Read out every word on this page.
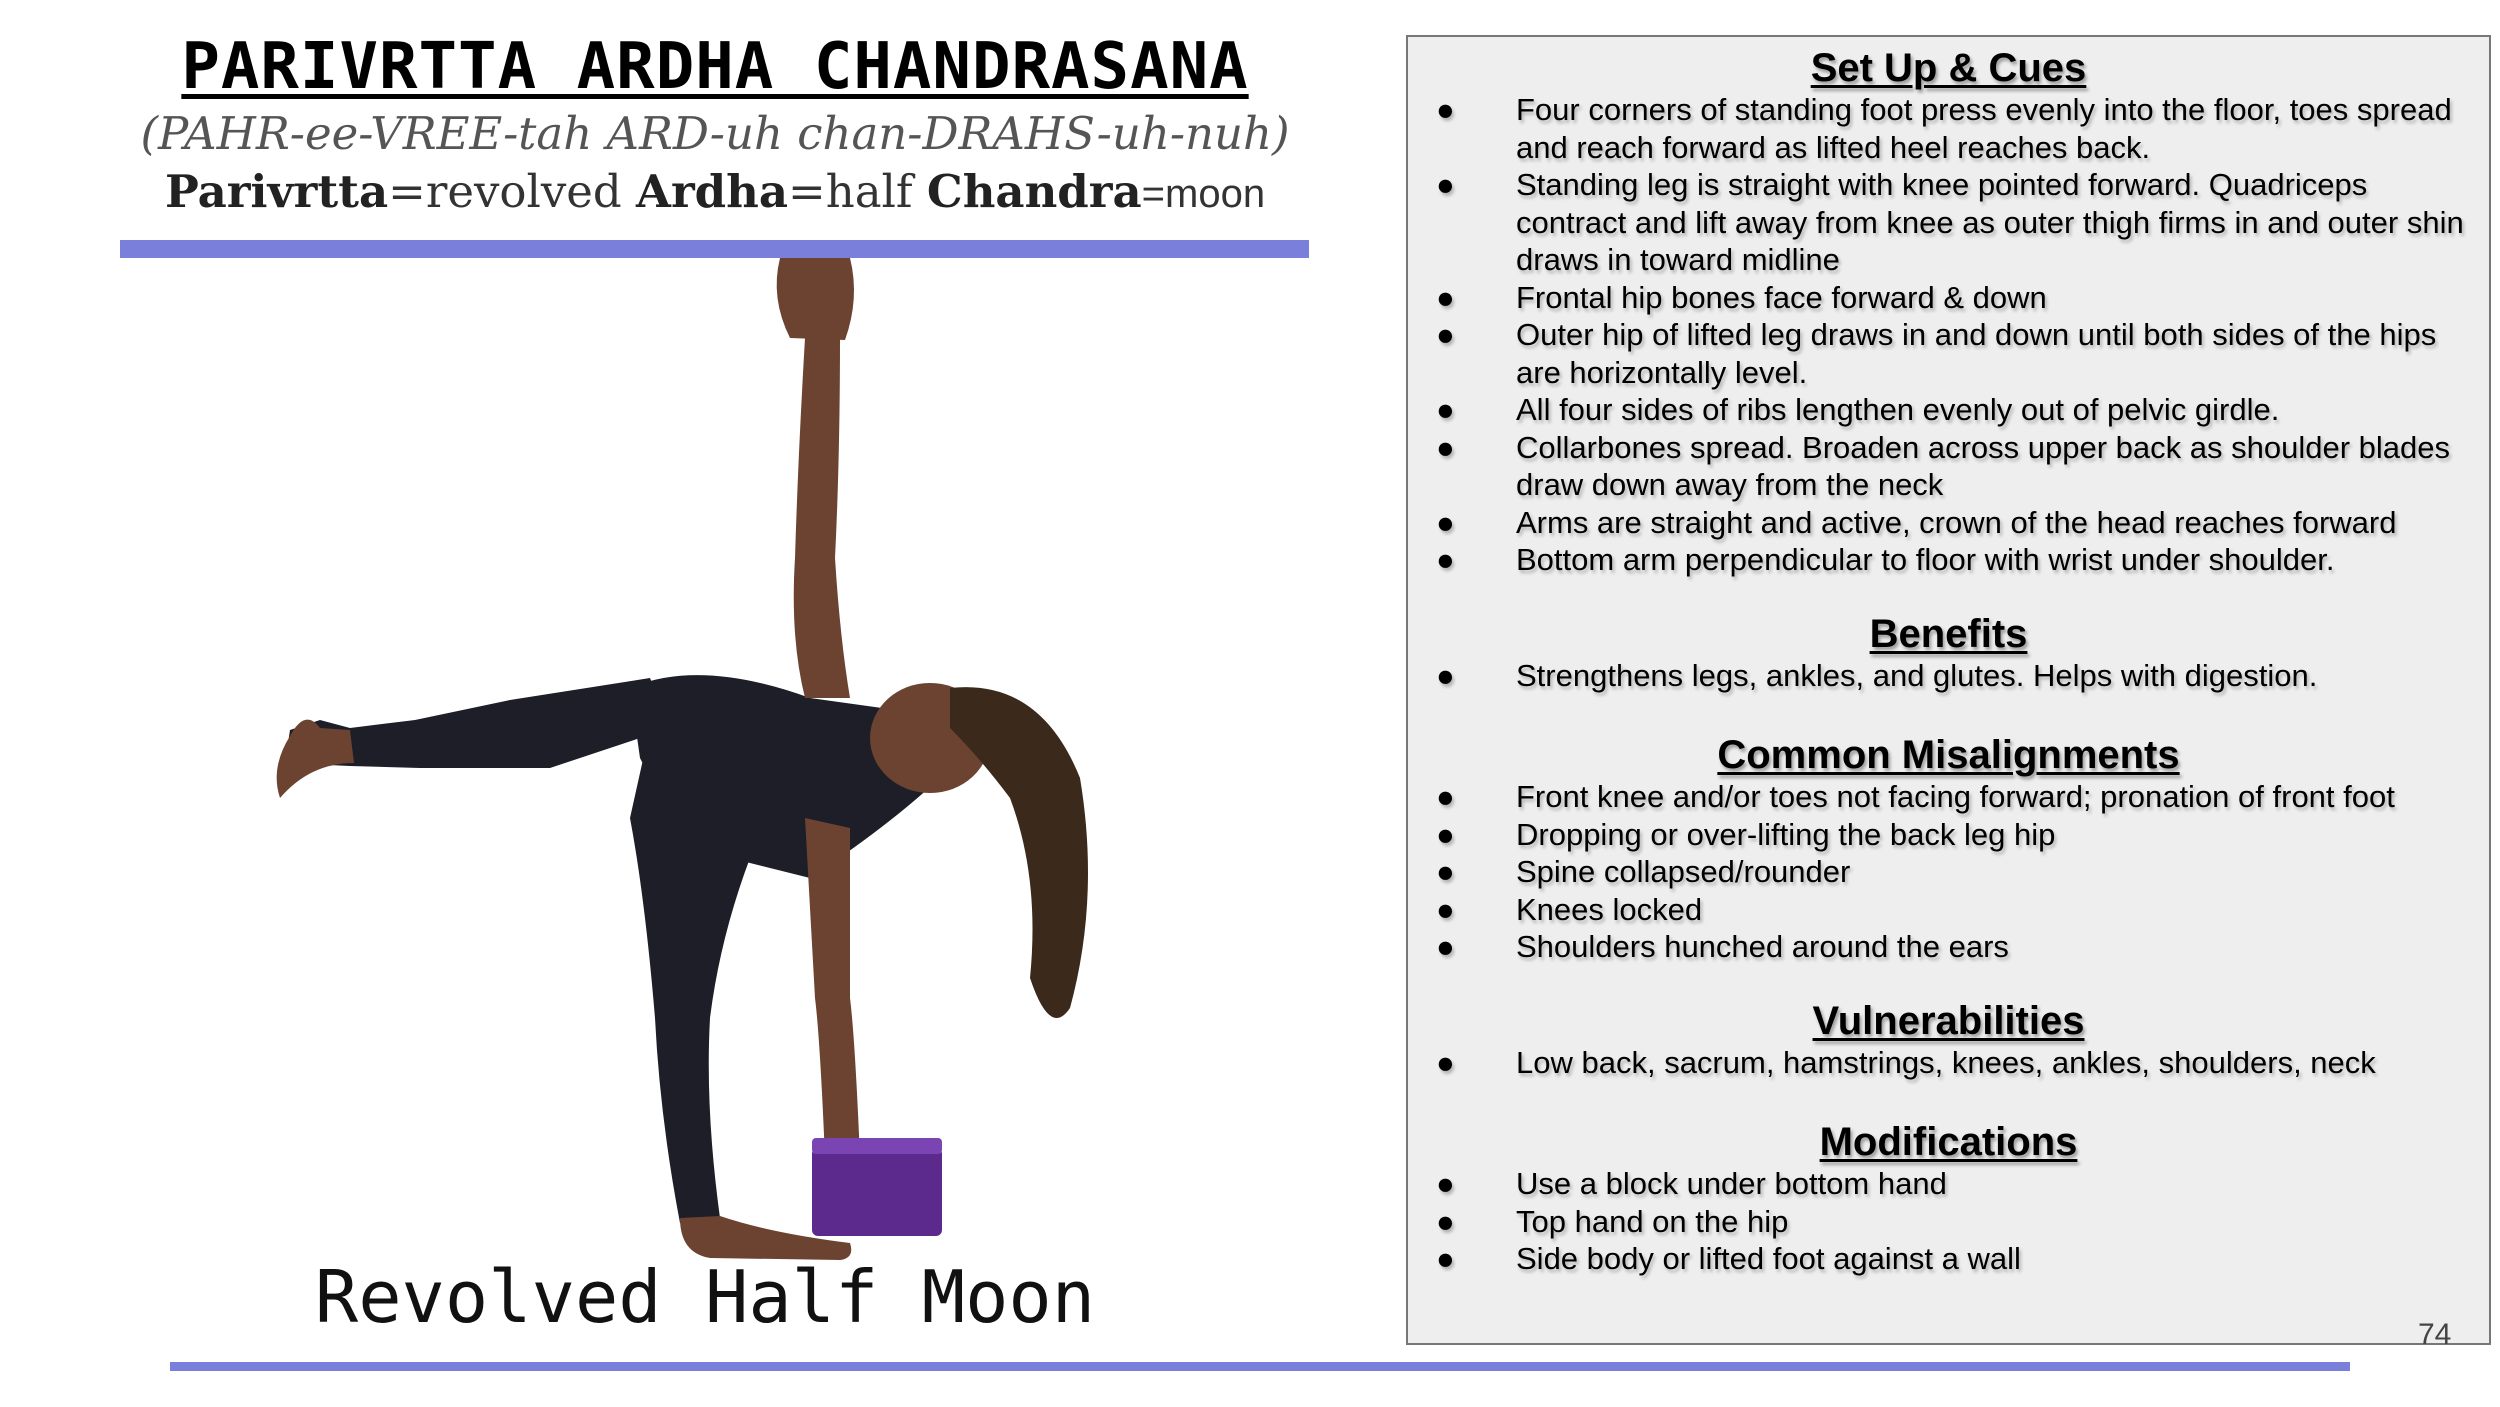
PARIVRTTA ARDHA CHANDRASANA
(PAHR-ee-VREE-tah ARD-uh chan-DRAHS-uh-nuh)
Parivrtta=revolved Ardha=half Chandra=moon
Revolved Half Moon
Set Up & Cues
● Four corners of standing foot press evenly into the floor, toes spread and reach forward as lifted heel reaches back.
● Standing leg is straight with knee pointed forward. Quadriceps contract and lift away from knee as outer thigh firms in and outer shin draws in toward midline
● Frontal hip bones face forward & down
● Outer hip of lifted leg draws in and down until both sides of the hips are horizontally level.
● All four sides of ribs lengthen evenly out of pelvic girdle.
● Collarbones spread. Broaden across upper back as shoulder blades draw down away from the neck
● Arms are straight and active, crown of the head reaches forward
● Bottom arm perpendicular to floor with wrist under shoulder.
Benefits
● Strengthens legs, ankles, and glutes. Helps with digestion.
Common Misalignments
● Front knee and/or toes not facing forward; pronation of front foot
● Dropping or over-lifting the back leg hip
● Spine collapsed/rounder
● Knees locked
● Shoulders hunched around the ears
Vulnerabilities
● Low back, sacrum, hamstrings, knees, ankles, shoulders, neck
Modifications
● Use a block under bottom hand
● Top hand on the hip
● Side body or lifted foot against a wall
74
